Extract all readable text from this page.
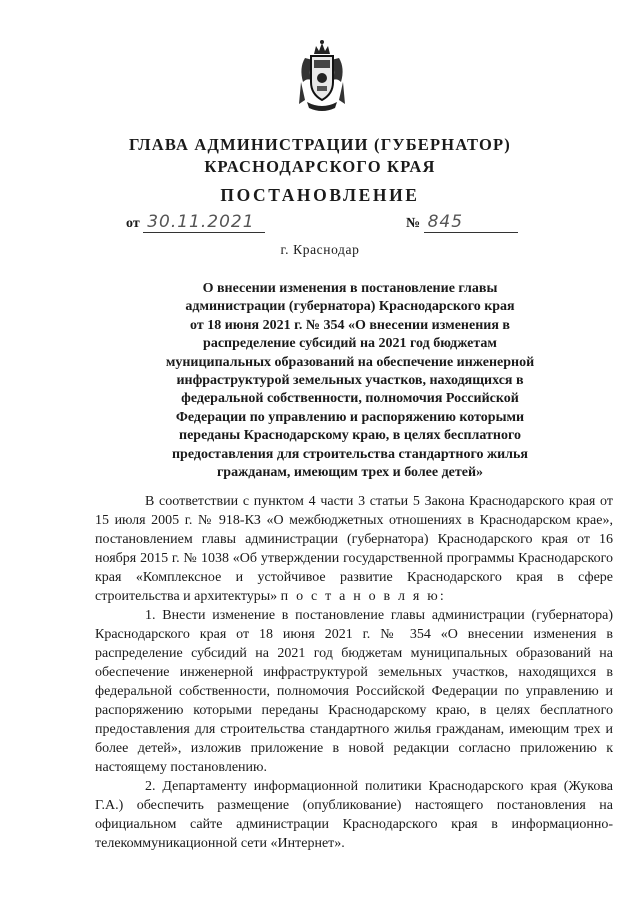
ГЛАВА АДМИНИСТРАЦИИ (ГУБЕРНАТОР)
КРАСНОДАРСКОГО КРАЯ
ПОСТАНОВЛЕНИЕ
от 30.11.2021	№ 845
г. Краснодар
О внесении изменения в постановление главы
администрации (губернатора) Краснодарского края
от 18 июня 2021 г. № 354 «О внесении изменения в
распределение субсидий на 2021 год бюджетам
муниципальных образований на обеспечение инженерной
инфраструктурой земельных участков, находящихся в
федеральной собственности, полномочия Российской
Федерации по управлению и распоряжению которыми
переданы Краснодарскому краю, в целях бесплатного
предоставления для строительства стандартного жилья
гражданам, имеющим трех и более детей»

В соответствии с пунктом 4 части 3 статьи 5 Закона Краснодарского края от 15 июля 2005 г. № 918-КЗ «О межбюджетных отношениях в Краснодарском крае», постановлением главы администрации (губернатора) Краснодарского края от 16 ноября 2015 г. № 1038 «Об утверждении государственной программы Краснодарского края «Комплексное и устойчивое развитие Краснодарского края в сфере строительства и архитектуры» п о с т а н о в л я ю:

1. Внести изменение в постановление главы администрации (губернатора) Краснодарского края от 18 июня 2021 г. № 354 «О внесении изменения в распределение субсидий на 2021 год бюджетам муниципальных образований на обеспечение инженерной инфраструктурой земельных участков, находящихся в федеральной собственности, полномочия Российской Федерации по управлению и распоряжению которыми переданы Краснодарскому краю, в целях бесплатного предоставления для строительства стандартного жилья гражданам, имеющим трех и более детей», изложив приложение в новой редакции согласно приложению к настоящему постановлению.

2. Департаменту информационной политики Краснодарского края (Жукова Г.А.) обеспечить размещение (опубликование) настоящего постановления на официальном сайте администрации Краснодарского края в информационно-телекоммуникационной сети «Интернет».
